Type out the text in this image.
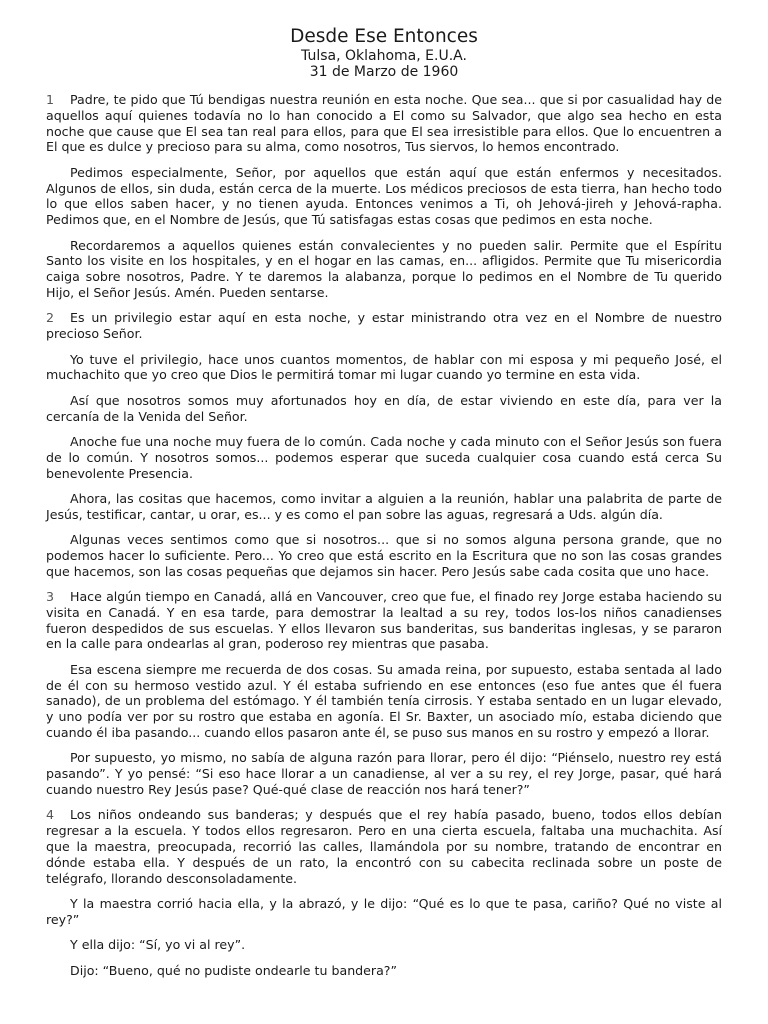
Desde Ese Entonces

Tulsa, Oklahoma, E.U.A.

31 de Marzo de 1960

1 Padre, te pido que Tú bendigas nuestra reunión en esta noche. Que sea... que si por casualidad hay de aquellos aquí quienes todavía no lo han conocido a El como su Salvador, que algo sea hecho en esta noche que cause que El sea tan real para ellos, para que El sea irresistible para ellos. Que lo encuentren a El que es dulce y precioso para su alma, como nosotros, Tus siervos, lo hemos encontrado.

Pedimos especialmente, Señor, por aquellos que están aquí que están enfermos y necesitados. Algunos de ellos, sin duda, están cerca de la muerte. Los médicos preciosos de esta tierra, han hecho todo lo que ellos saben hacer, y no tienen ayuda. Entonces venimos a Ti, oh Jehová-jireh y Jehová-rapha. Pedimos que, en el Nombre de Jesús, que Tú satisfagas estas cosas que pedimos en esta noche.

Recordaremos a aquellos quienes están convalecientes y no pueden salir. Permite que el Espíritu Santo los visite en los hospitales, y en el hogar en las camas, en... afligidos. Permite que Tu misericordia caiga sobre nosotros, Padre. Y te daremos la alabanza, porque lo pedimos en el Nombre de Tu querido Hijo, el Señor Jesús. Amén. Pueden sentarse.

2 Es un privilegio estar aquí en esta noche, y estar ministrando otra vez en el Nombre de nuestro precioso Señor.

Yo tuve el privilegio, hace unos cuantos momentos, de hablar con mi esposa y mi pequeño José, el muchachito que yo creo que Dios le permitirá tomar mi lugar cuando yo termine en esta vida.

Así que nosotros somos muy afortunados hoy en día, de estar viviendo en este día, para ver la cercanía de la Venida del Señor.

Anoche fue una noche muy fuera de lo común. Cada noche y cada minuto con el Señor Jesús son fuera de lo común. Y nosotros somos... podemos esperar que suceda cualquier cosa cuando está cerca Su benevolente Presencia.

Ahora, las cositas que hacemos, como invitar a alguien a la reunión, hablar una palabrita de parte de Jesús, testificar, cantar, u orar, es... y es como el pan sobre las aguas, regresará a Uds. algún día.

Algunas veces sentimos como que si nosotros... que si no somos alguna persona grande, que no podemos hacer lo suficiente. Pero... Yo creo que está escrito en la Escritura que no son las cosas grandes que hacemos, son las cosas pequeñas que dejamos sin hacer. Pero Jesús sabe cada cosita que uno hace.

3 Hace algún tiempo en Canadá, allá en Vancouver, creo que fue, el finado rey Jorge estaba haciendo su visita en Canadá. Y en esa tarde, para demostrar la lealtad a su rey, todos los-los niños canadienses fueron despedidos de sus escuelas. Y ellos llevaron sus banderitas, sus banderitas inglesas, y se pararon en la calle para ondearlas al gran, poderoso rey mientras que pasaba.

Esa escena siempre me recuerda de dos cosas. Su amada reina, por supuesto, estaba sentada al lado de él con su hermoso vestido azul. Y él estaba sufriendo en ese entonces (eso fue antes que él fuera sanado), de un problema del estómago. Y él también tenía cirrosis. Y estaba sentado en un lugar elevado, y uno podía ver por su rostro que estaba en agonía. El Sr. Baxter, un asociado mío, estaba diciendo que cuando él iba pasando... cuando ellos pasaron ante él, se puso sus manos en su rostro y empezó a llorar.

Por supuesto, yo mismo, no sabía de alguna razón para llorar, pero él dijo: “Piénselo, nuestro rey está pasando”. Y yo pensé: “Si eso hace llorar a un canadiense, al ver a su rey, el rey Jorge, pasar, qué hará cuando nuestro Rey Jesús pase? Qué-qué clase de reacción nos hará tener?”

4 Los niños ondeando sus banderas; y después que el rey había pasado, bueno, todos ellos debían regresar a la escuela. Y todos ellos regresaron. Pero en una cierta escuela, faltaba una muchachita. Así que la maestra, preocupada, recorrió las calles, llamándola por su nombre, tratando de encontrar en dónde estaba ella. Y después de un rato, la encontró con su cabecita reclinada sobre un poste de telégrafo, llorando desconsoladamente.

Y la maestra corrió hacia ella, y la abrazó, y le dijo: “Qué es lo que te pasa, cariño? Qué no viste al rey?”

Y ella dijo: “Sí, yo vi al rey”.

Dijo: “Bueno, qué no pudiste ondearle tu bandera?”
